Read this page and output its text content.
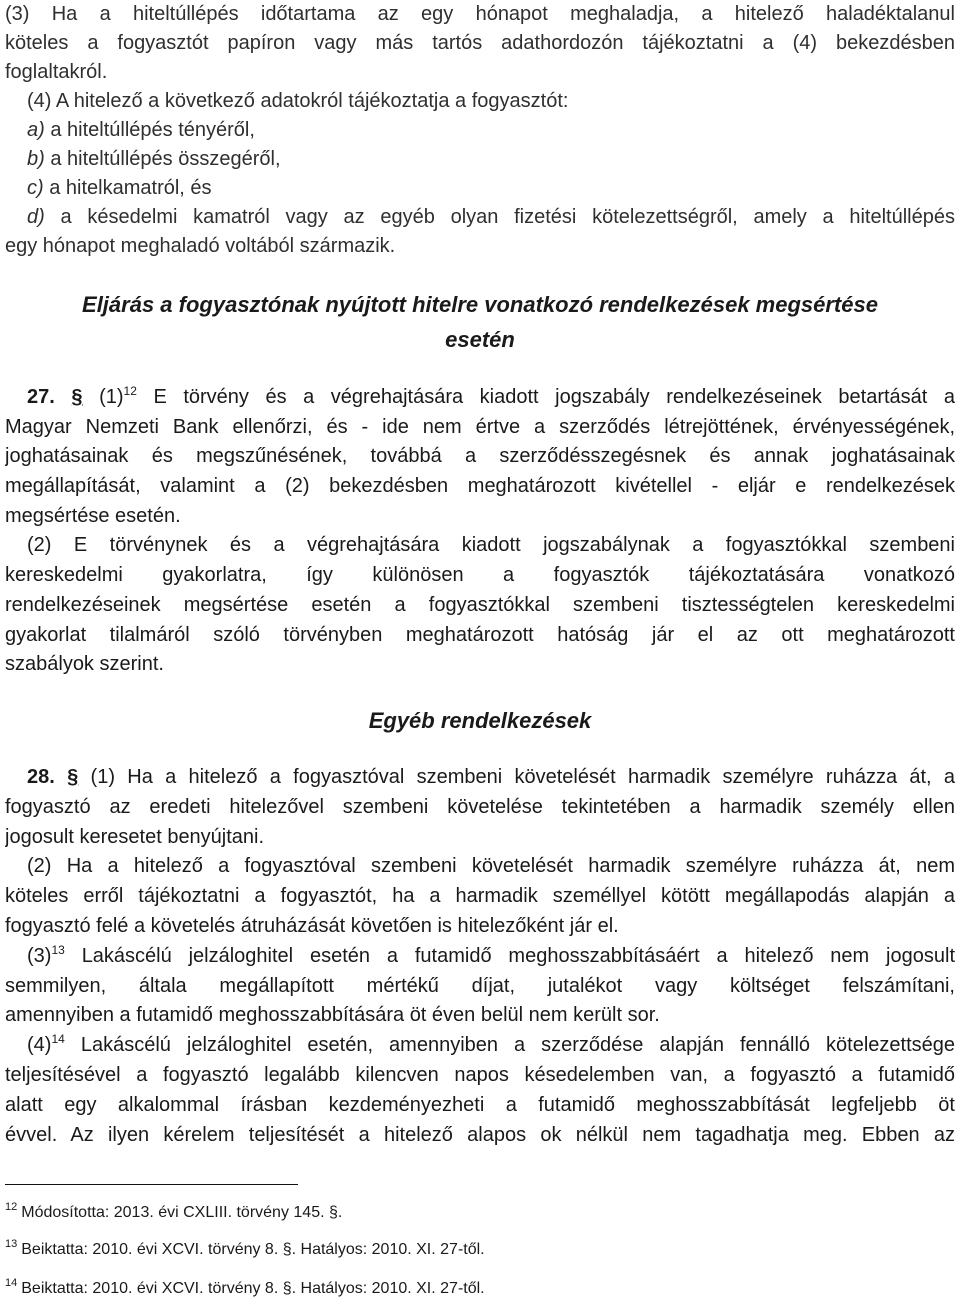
(3) Ha a hiteltúllépés időtartama az egy hónapot meghaladja, a hitelező haladéktalanul
köteles a fogyasztót papíron vagy más tartós adathordozón tájékoztatni a (4) bekezdésben
foglaltakról.
(4) A hitelező a következő adatokról tájékoztatja a fogyasztót:
a) a hiteltúllépés tényéről,
b) a hiteltúllépés összegéről,
c) a hitelkamatról, és
d) a késedelmi kamatról vagy az egyéb olyan fizetési kötelezettségről, amely a hiteltúllépés
egy hónapot meghaladó voltából származik.
Eljárás a fogyasztónak nyújtott hitelre vonatkozó rendelkezések megsértése
esetén
27. § $(1)^{12}$ E törvény és a végrehajtására kiadott jogszabály rendelkezéseinek betartását a
Magyar Nemzeti Bank ellenőrzi, és - ide nem értve a szerződés létrejöttének, érvényességének,
joghatásainak és megszűnésének, továbbá a szerződésszegésnek és annak joghatásainak
megállapítását, valamint a (2) bekezdésben meghatározott kivétellel - eljár e rendelkezések
megsértése esetén.
(2) E törvénynek és a végrehajtására kiadott jogszabálynak a fogyasztókkal szembeni
kereskedelmi gyakorlatra, így különösen a fogyasztók tájékoztatására vonatkozó
rendelkezéseinek megsértése esetén a fogyasztókkal szembeni tisztességtelen kereskedelmi
gyakorlat tilalmáról szóló törvényben meghatározott hatóság jár el az ott meghatározott
szabályok szerint.
Egyéb rendelkezések
28. § (1) Ha a hitelező a fogyasztóval szembeni követelését harmadik személyre ruházza át, a
fogyasztó az eredeti hitelezővel szembeni követelése tekintetében a harmadik személy ellen
jogosult keresetet benyújtani.
(2) Ha a hitelező a fogyasztóval szembeni követelését harmadik személyre ruházza át, nem
köteles erről tájékoztatni a fogyasztót, ha a harmadik személlyel kötött megállapodás alapján a
fogyasztó felé a követelés átruházását követően is hitelezőként jár el.
$(3)^{13}$ Lakáscélú jelzáloghitel esetén a futamidő meghosszabbításáért a hitelező nem jogosult
semmilyen, általa megállapított mértékű díjat, jutalékot vagy költséget felszámítani,
amennyiben a futamidő meghosszabbítására öt éven belül nem került sor.
$(4)^{14}$ Lakáscélú jelzáloghitel esetén, amennyiben a szerződése alapján fennálló kötelezettsége
teljesítésével a fogyasztó legalább kilencven napos késedelemben van, a fogyasztó a futamidő
alatt egy alkalommal írásban kezdeményezheti a futamidő meghosszabbítását legfeljebb öt
évvel. Az ilyen kérelem teljesítését a hitelező alapos ok nélkül nem tagadhatja meg. Ebben az
$^{12}$ Módosította: 2013. évi CXLIII. törvény 145. §.
$^{13}$ Beiktatta: 2010. évi XCVI. törvény 8. §. Hatályos: 2010. XI. 27-től.
$^{14}$ Beiktatta: 2010. évi XCVI. törvény 8. §. Hatályos: 2010. XI. 27-től.
